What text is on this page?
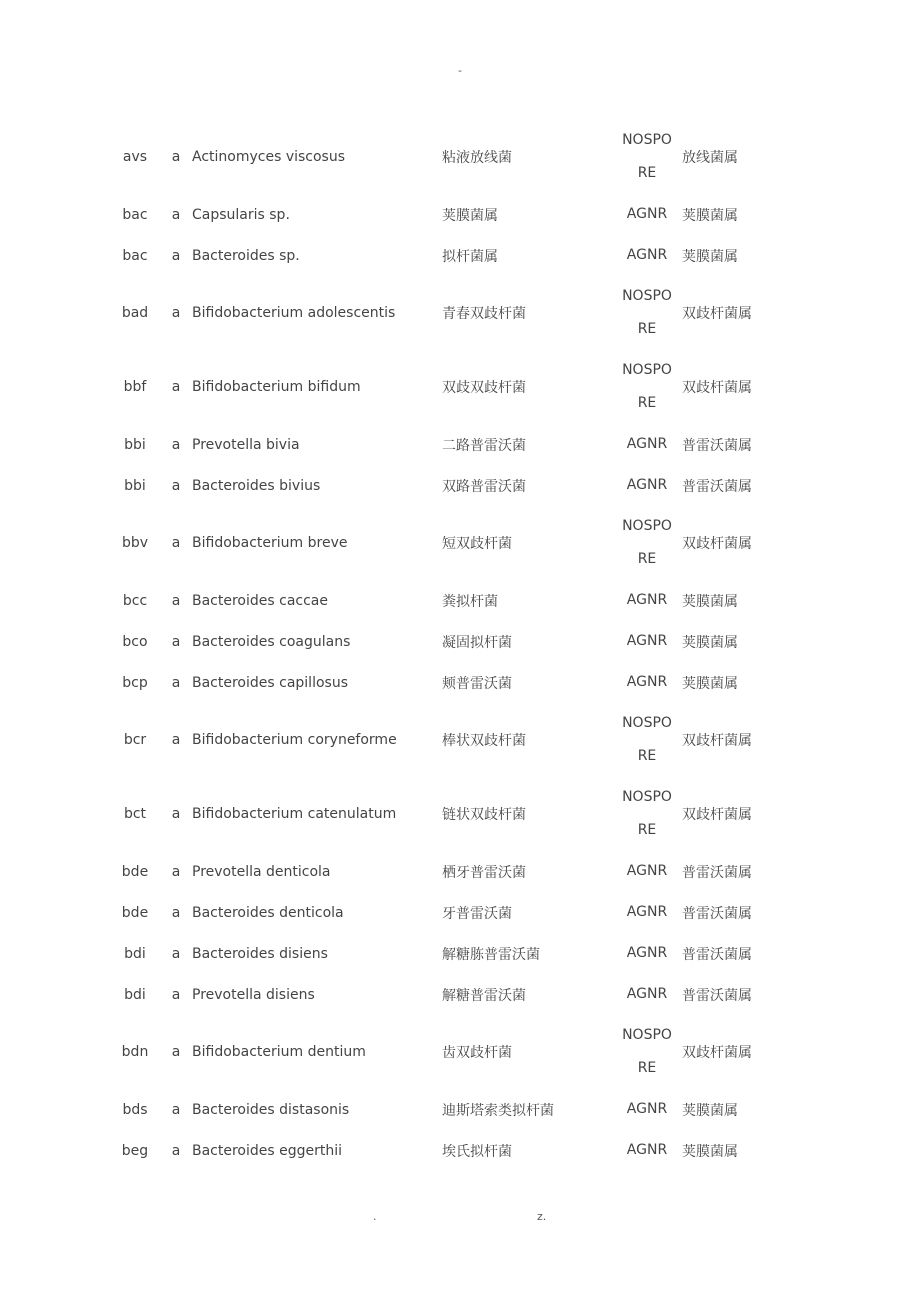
-
avs	a	Actinomyces viscosus	粘液放线菌	NOSPO RE	放线菌属
bac	a	Capsularis sp.	荚膜菌属	AGNR	荚膜菌属
bac	a	Bacteroides sp.	拟杆菌属	AGNR	荚膜菌属
bad	a	Bifidobacterium adolescentis	青春双歧杆菌	NOSPO RE	双歧杆菌属
bbf	a	Bifidobacterium bifidum	双歧双歧杆菌	NOSPO RE	双歧杆菌属
bbi	a	Prevotella bivia	二路普雷沃菌	AGNR	普雷沃菌属
bbi	a	Bacteroides bivius	双路普雷沃菌	AGNR	普雷沃菌属
bbv	a	Bifidobacterium breve	短双歧杆菌	NOSPO RE	双歧杆菌属
bcc	a	Bacteroides caccae	粪拟杆菌	AGNR	荚膜菌属
bco	a	Bacteroides coagulans	凝固拟杆菌	AGNR	荚膜菌属
bcp	a	Bacteroides capillosus	颊普雷沃菌	AGNR	荚膜菌属
bcr	a	Bifidobacterium coryneforme	棒状双歧杆菌	NOSPO RE	双歧杆菌属
bct	a	Bifidobacterium catenulatum	链状双歧杆菌	NOSPO RE	双歧杆菌属
bde	a	Prevotella denticola	栖牙普雷沃菌	AGNR	普雷沃菌属
bde	a	Bacteroides denticola	牙普雷沃菌	AGNR	普雷沃菌属
bdi	a	Bacteroides disiens	解糖胨普雷沃菌	AGNR	普雷沃菌属
bdi	a	Prevotella disiens	解糖普雷沃菌	AGNR	普雷沃菌属
bdn	a	Bifidobacterium dentium	齿双歧杆菌	NOSPO RE	双歧杆菌属
bds	a	Bacteroides distasonis	迪斯塔索类拟杆菌	AGNR	荚膜菌属
beg	a	Bacteroides eggerthii	埃氏拟杆菌	AGNR	荚膜菌属
.	z.
